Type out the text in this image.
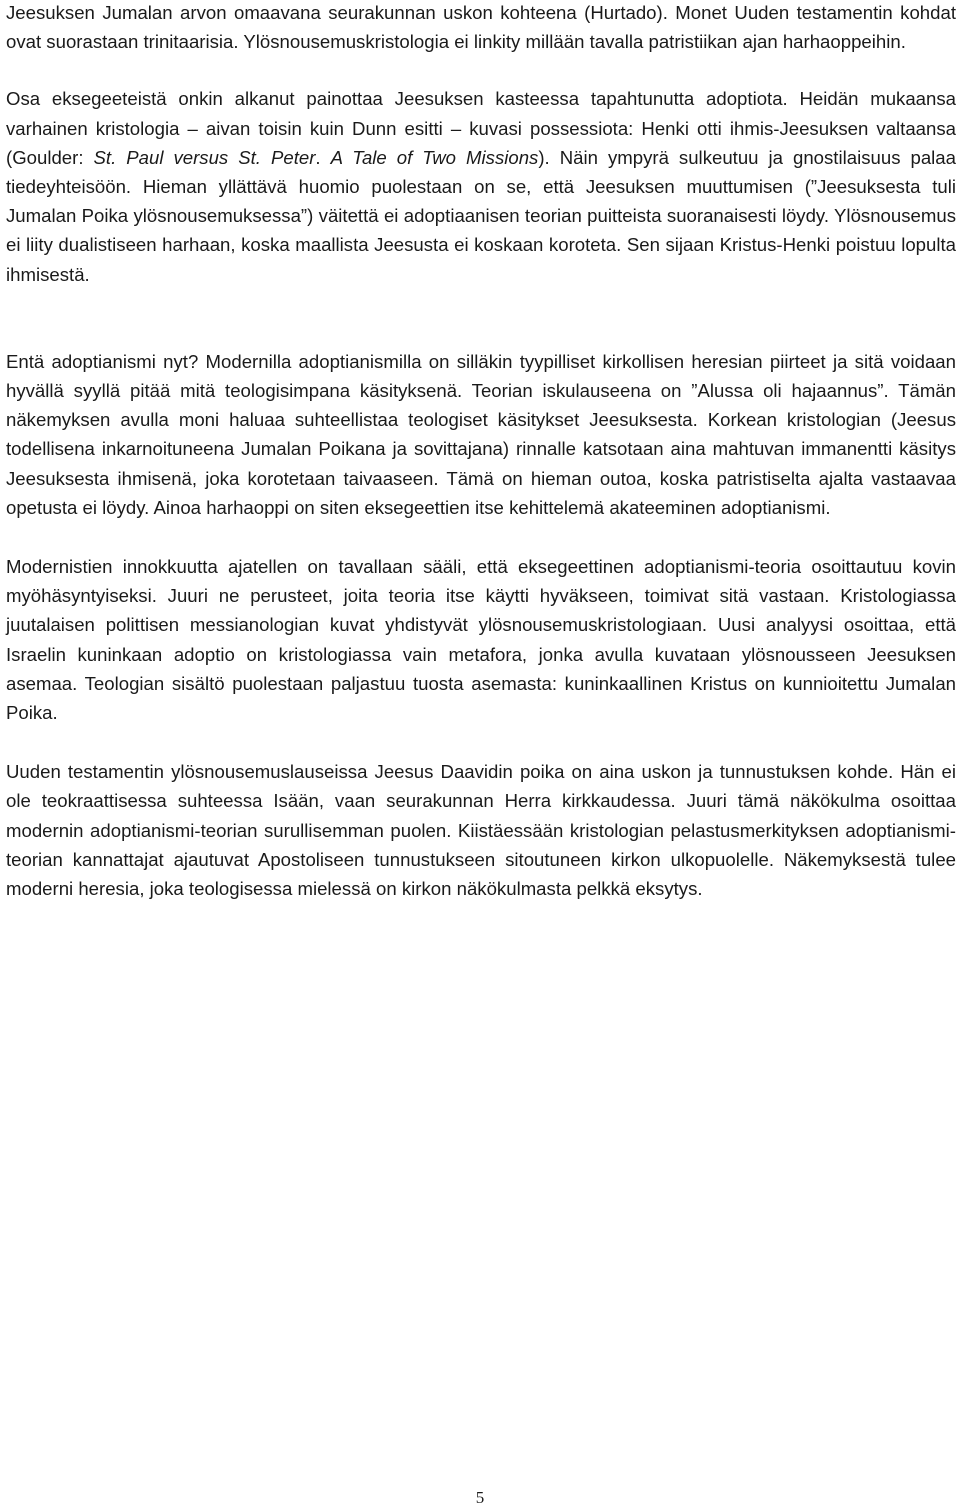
Jeesuksen Jumalan arvon omaavana seurakunnan uskon kohteena (Hurtado). Monet Uuden testamentin kohdat ovat suorastaan trinitaarisia. Ylösnousemuskristologia ei linkity millään tavalla patristiikan ajan harhaoppeihin.

Osa eksegeeteistä onkin alkanut painottaa Jeesuksen kasteessa tapahtunutta adoptiota. Heidän mukaansa varhainen kristologia – aivan toisin kuin Dunn esitti – kuvasi possessiota: Henki otti ihmis-Jeesuksen valtaansa (Goulder: St. Paul versus St. Peter. A Tale of Two Missions). Näin ympyrä sulkeutuu ja gnostilaisuus palaa tiedeyhteisöön. Hieman yllättävä huomio puolestaan on se, että Jeesuksen muuttumisen (”Jeesuksesta tuli Jumalan Poika ylösnousemuksessa”) väitettä ei adoptiaanisen teorian puitteista suoranaisesti löydy. Ylösnousemus ei liity dualistiseen harhaan, koska maallista Jeesusta ei koskaan koroteta. Sen sijaan Kristus-Henki poistuu lopulta ihmisestä.

Entä adoptianismi nyt? Modernilla adoptianismilla on silläkin tyypilliset kirkollisen heresian piirteet ja sitä voidaan hyvällä syyllä pitää mitä teologisimpana käsityksenä. Teorian iskulauseena on ”Alussa oli hajaannus”. Tämän näkemyksen avulla moni haluaa suhteellistaa teologiset käsitykset Jeesuksesta. Korkean kristologian (Jeesus todellisena inkarnoituneena Jumalan Poikana ja sovittajana) rinnalle katsotaan aina mahtuvan immanentti käsitys Jeesuksesta ihmisenä, joka korotetaan taivaaseen. Tämä on hieman outoa, koska patristiselta ajalta vastaavaa opetusta ei löydy. Ainoa harhaoppi on siten eksegeettien itse kehittelemä akateeminen adoptianismi.

Modernistien innokkuutta ajatellen on tavallaan sääli, että eksegeettinen adoptianismi-teoria osoittautuu kovin myöhäsyntyiseksi. Juuri ne perusteet, joita teoria itse käytti hyväkseen, toimivat sitä vastaan. Kristologiassa juutalaisen polittisen messianologian kuvat yhdistyvät ylösnousemuskristologiaan. Uusi analyysi osoittaa, että Israelin kuninkaan adoptio on kristologiassa vain metafora, jonka avulla kuvataan ylösnousseen Jeesuksen asemaa. Teologian sisältö puolestaan paljastuu tuosta asemasta: kuninkaallinen Kristus on kunnioitettu Jumalan Poika.

Uuden testamentin ylösnousemuslauseissa Jeesus Daavidin poika on aina uskon ja tunnustuksen kohde. Hän ei ole teokraattisessa suhteessa Isään, vaan seurakunnan Herra kirkkaudessa. Juuri tämä näkökulma osoittaa modernin adoptianismi-teorian surullisemman puolen. Kiistäessään kristologian pelastusmerkityksen adoptianismi-teorian kannattajat ajautuvat Apostoliseen tunnustukseen sitoutuneen kirkon ulkopuolelle. Näkemyksestä tulee moderni heresia, joka teologisessa mielessä on kirkon näkökulmasta pelkkä eksytys.

5
